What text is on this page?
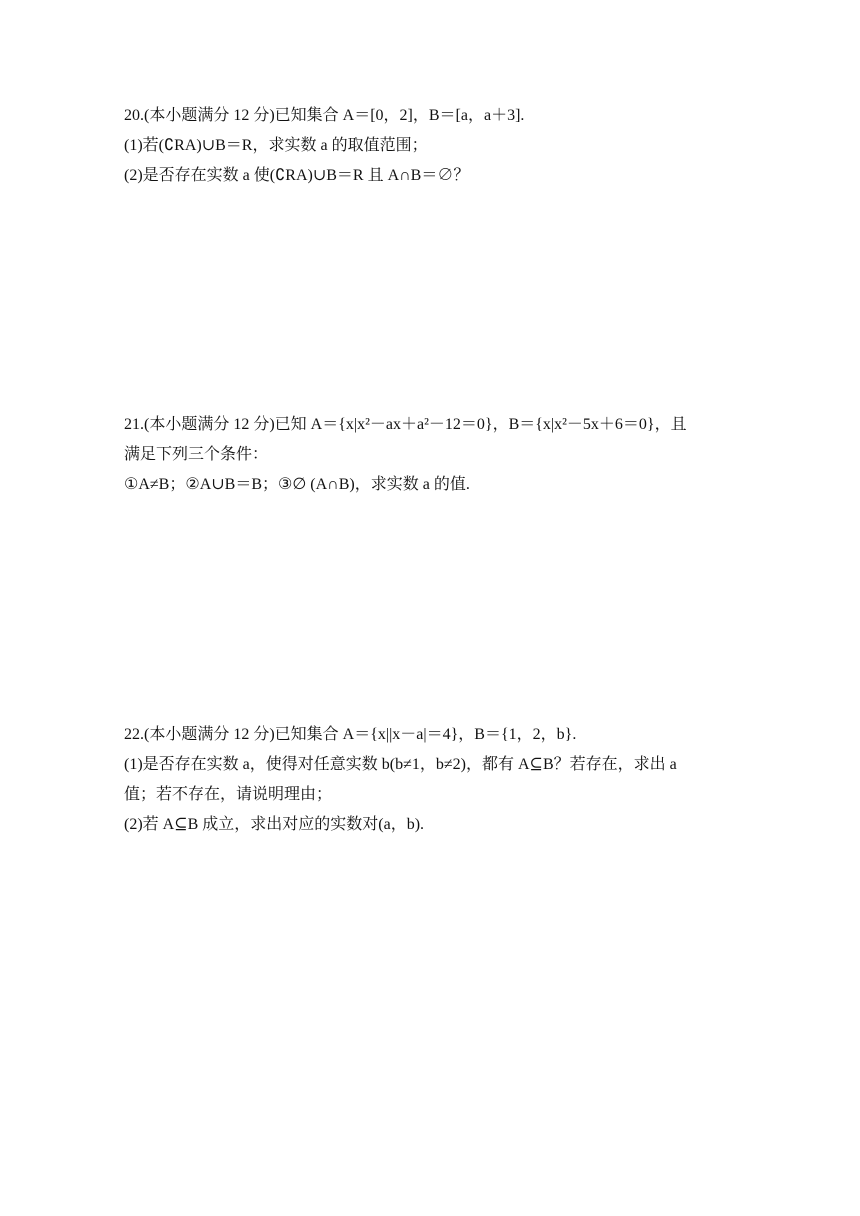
20.(本小题满分 12 分)已知集合 A＝[0，2]，B＝[a，a＋3].
(1)若(∁RA)∪B＝R，求实数 a 的取值范围；
(2)是否存在实数 a 使(∁RA)∪B＝R 且 A∩B＝∅？
21.(本小题满分 12 分)已知 A＝{x|x²－ax＋a²－12＝0}，B＝{x|x²－5x＋6＝0}，且
满足下列三个条件：
①A≠B；②A∪B＝B；③∅ (A∩B)，求实数 a 的值.
22.(本小题满分 12 分)已知集合 A＝{x||x－a|＝4}，B＝{1，2，b}.
(1)是否存在实数 a，使得对任意实数 b(b≠1，b≠2)，都有 A⊆B？若存在，求出 a
值；若不存在，请说明理由；
(2)若 A⊆B 成立，求出对应的实数对(a，b).
